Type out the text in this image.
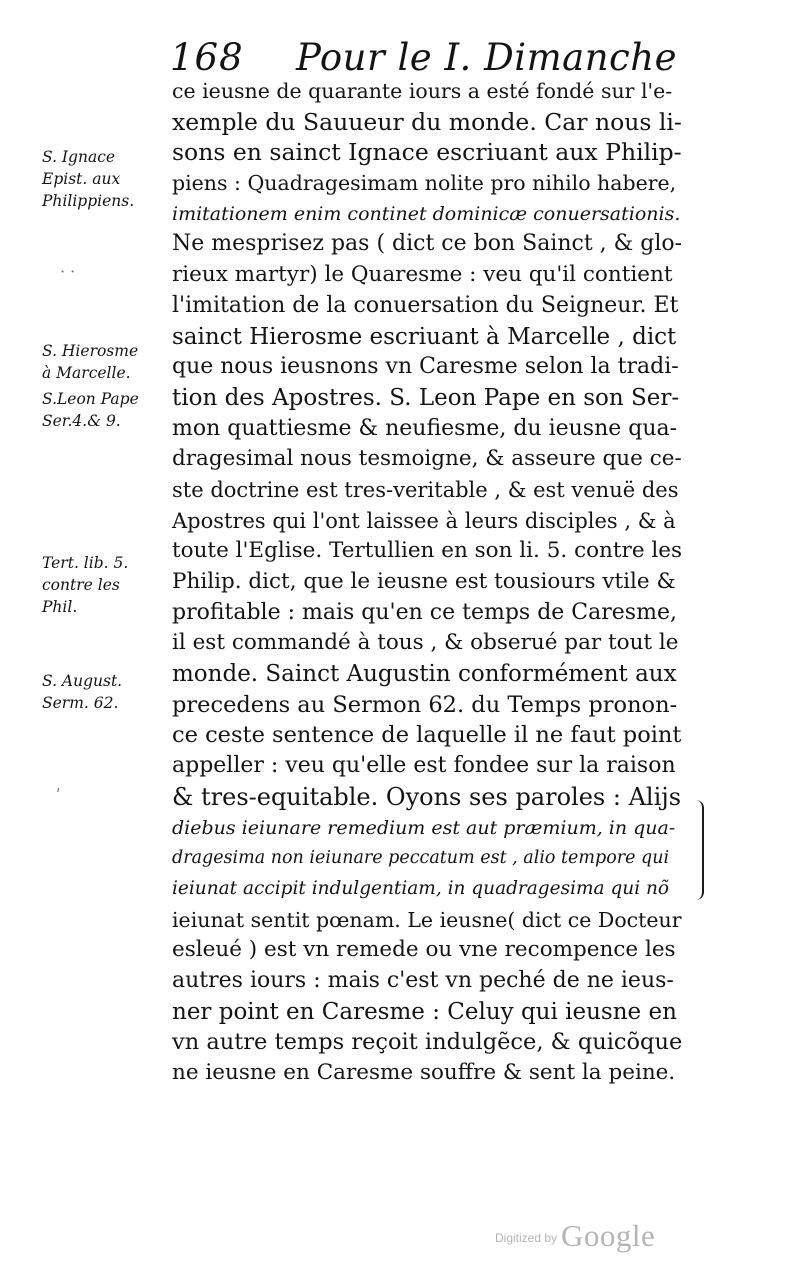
168 Pour le I. Dimanche
S. Ignace
Epist. aux
Philippiens.
S. Hierosme
à Marcelle.
S.Leon Pape
Ser.4.& 9.
Tert. lib. 5.
contre les
Phil.
S. August.
Serm. 62.
ce ieusne de quarante iours a esté fondé sur l'e-
xemple du Sauueur du monde. Car nous li-
sons en sainct Ignace escriuant aux Philip-
piens : Quadragesimam nolite pro nihilo habere,
imitationem enim continet dominicæ conuersationis.
Ne mesprisez pas ( dict ce bon Sainct , & glo-
rieux martyr) le Quaresme : veu qu'il contient
l'imitation de la conuersation du Seigneur. Et
sainct Hierosme escriuant à Marcelle , dict
que nous ieusnons vn Caresme selon la tradi-
tion des Apostres. S. Leon Pape en son Ser-
mon quattiesme & neufiesme, du ieusne qua-
dragesimal nous tesmoigne, & asseure que ce-
ste doctrine est tres-veritable , & est venuë des
Apostres qui l'ont laissee à leurs disciples , & à
toute l'Eglise. Tertullien en son li. 5. contre les
Philip. dict, que le ieusne est tousiours vtile &
profitable : mais qu'en ce temps de Caresme,
il est commandé à tous , & obserué par tout le
monde. Sainct Augustin conformément aux
precedens au Sermon 62. du Temps pronon-
ce ceste sentence de laquelle il ne faut point
appeller : veu qu'elle est fondee sur la raison
& tres-equitable. Oyons ses paroles : Alijs
diebus ieiunare remedium est aut præmium, in qua-
dragesima non ieiunare peccatum est , alio tempore qui
ieiunat accipit indulgentiam, in quadragesima qui nõ
ieiunat sentit pœnam. Le ieusne( dict ce Docteur
esleué ) est vn remede ou vne recompence les
autres iours : mais c'est vn peché de ne ieus-
ner point en Caresme : Celuy qui ieusne en
vn autre temps reçoit indulgẽce, & quicõque
ne ieusne en Caresme souffre & sent la peine.
· ·
ʹ
$^{Digitized by}$ Google
